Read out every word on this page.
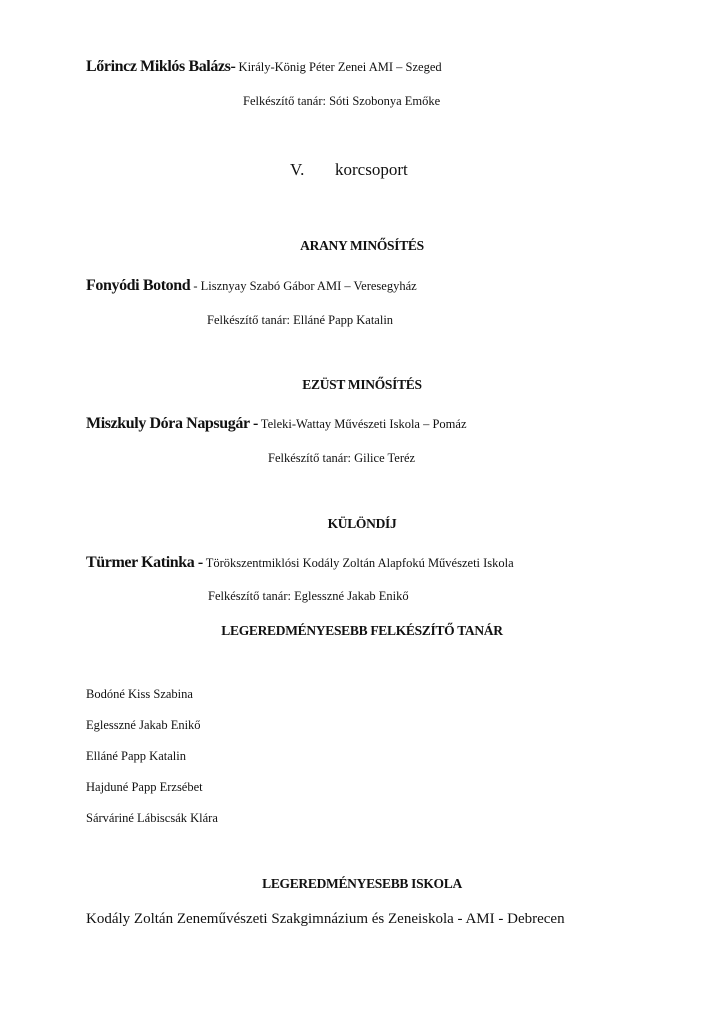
Lőrincz Miklós Balázs- Király-König Péter Zenei AMI – Szeged
Felkészítő tanár: Sóti Szobonya Emőke
V. korcsoport
ARANY MINŐSÍTÉS
Fonyódi Botond - Lisznyay Szabó Gábor AMI – Veresegyház
Felkészítő tanár: Elláné Papp Katalin
EZÜST MINŐSÍTÉS
Miszkuly Dóra Napsugár - Teleki-Wattay Művészeti Iskola – Pomáz
Felkészítő tanár: Gilice Teréz
KÜLÖNDÍJ
Türmer Katinka - Törökszentmiklósi Kodály Zoltán Alapfokú Művészeti Iskola
Felkészítő tanár: Eglesszné Jakab Enikő
LEGEREDMÉNYESEBB FELKÉSZÍTŐ TANÁR
Bodóné Kiss Szabina
Eglesszné Jakab Enikő
Elláné Papp Katalin
Hajduné Papp Erzsébet
Sárváriné Lábiscsák Klára
LEGEREDMÉNYESEBB ISKOLA
Kodály Zoltán Zeneművészeti Szakgimnázium és Zeneiskola - AMI - Debrecen
